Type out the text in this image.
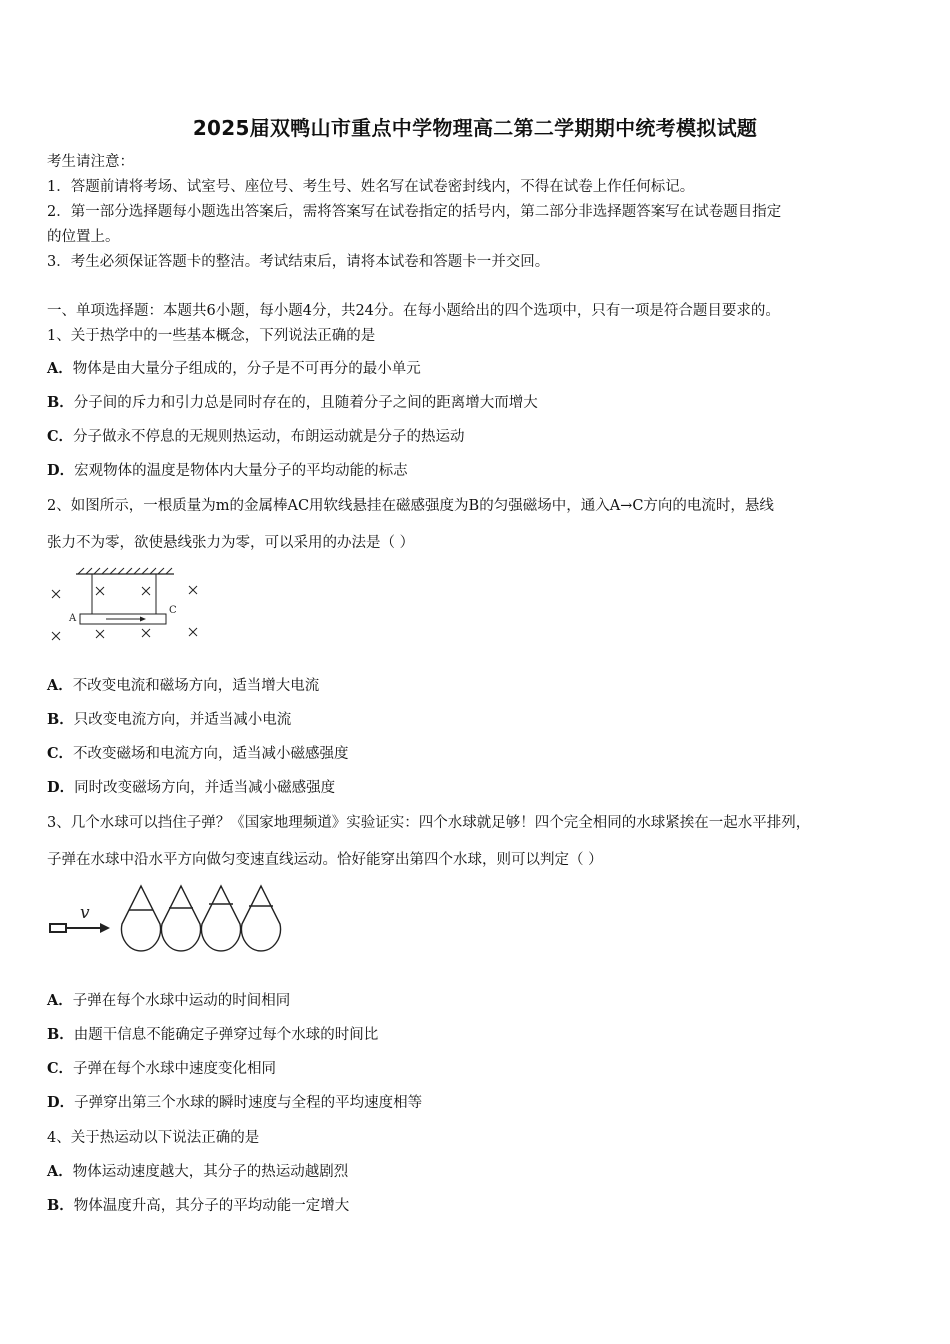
2025届双鸭山市重点中学物理高二第二学期期中统考模拟试题
考生请注意：
1．答题前请将考场、试室号、座位号、考生号、姓名写在试卷密封线内，不得在试卷上作任何标记。
2．第一部分选择题每小题选出答案后，需将答案写在试卷指定的括号内，第二部分非选择题答案写在试卷题目指定
的位置上。
3．考生必须保证答题卡的整洁。考试结束后，请将本试卷和答题卡一并交回。
一、单项选择题：本题共6小题，每小题4分，共24分。在每小题给出的四个选项中，只有一项是符合题目要求的。
1、关于热学中的一些基本概念，下列说法正确的是
A．物体是由大量分子组成的，分子是不可再分的最小单元
B．分子间的斥力和引力总是同时存在的，且随着分子之间的距离增大而增大
C．分子做永不停息的无规则热运动，布朗运动就是分子的热运动
D．宏观物体的温度是物体内大量分子的平均动能的标志
2、如图所示，一根质量为m的金属棒AC用软线悬挂在磁感强度为B的匀强磁场中，通入A→C方向的电流时，悬线
张力不为零，欲使悬线张力为零，可以采用的办法是（ ）
A
C
A．不改变电流和磁场方向，适当增大电流
B．只改变电流方向，并适当减小电流
C．不改变磁场和电流方向，适当减小磁感强度
D．同时改变磁场方向，并适当减小磁感强度
3、几个水球可以挡住子弹？《国家地理频道》实验证实：四个水球就足够！四个完全相同的水球紧挨在一起水平排列，
子弹在水球中沿水平方向做匀变速直线运动。恰好能穿出第四个水球，则可以判定（ ）
v
A．子弹在每个水球中运动的时间相同
B．由题干信息不能确定子弹穿过每个水球的时间比
C．子弹在每个水球中速度变化相同
D．子弹穿出第三个水球的瞬时速度与全程的平均速度相等
4、关于热运动以下说法正确的是
A．物体运动速度越大，其分子的热运动越剧烈
B．物体温度升高，其分子的平均动能一定增大
